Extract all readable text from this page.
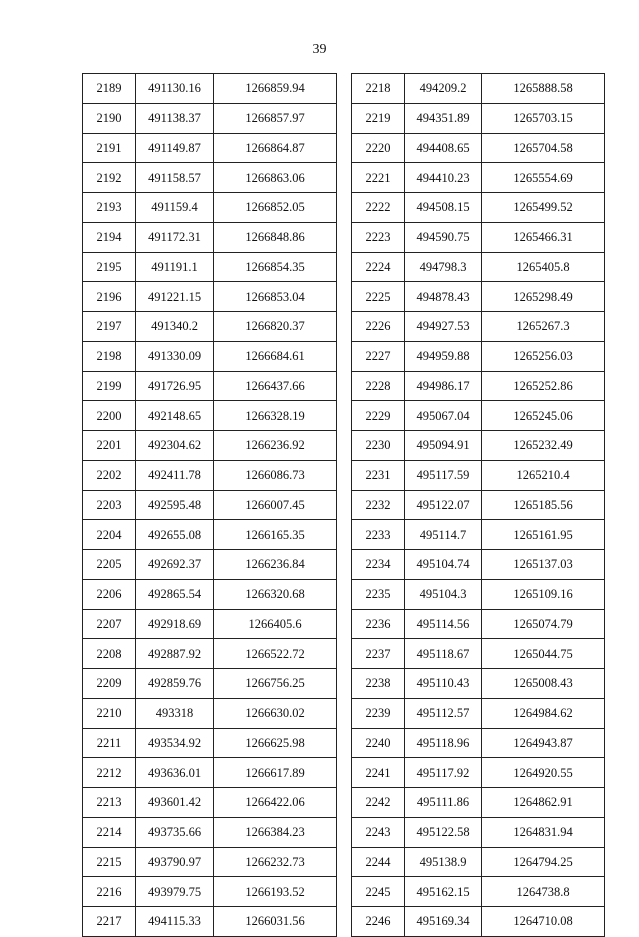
39
2189	491130.16	1266859.94
2190	491138.37	1266857.97
2191	491149.87	1266864.87
2192	491158.57	1266863.06
2193	491159.4	1266852.05
2194	491172.31	1266848.86
2195	491191.1	1266854.35
2196	491221.15	1266853.04
2197	491340.2	1266820.37
2198	491330.09	1266684.61
2199	491726.95	1266437.66
2200	492148.65	1266328.19
2201	492304.62	1266236.92
2202	492411.78	1266086.73
2203	492595.48	1266007.45
2204	492655.08	1266165.35
2205	492692.37	1266236.84
2206	492865.54	1266320.68
2207	492918.69	1266405.6
2208	492887.92	1266522.72
2209	492859.76	1266756.25
2210	493318	1266630.02
2211	493534.92	1266625.98
2212	493636.01	1266617.89
2213	493601.42	1266422.06
2214	493735.66	1266384.23
2215	493790.97	1266232.73
2216	493979.75	1266193.52
2217	494115.33	1266031.56
2218	494209.2	1265888.58
2219	494351.89	1265703.15
2220	494408.65	1265704.58
2221	494410.23	1265554.69
2222	494508.15	1265499.52
2223	494590.75	1265466.31
2224	494798.3	1265405.8
2225	494878.43	1265298.49
2226	494927.53	1265267.3
2227	494959.88	1265256.03
2228	494986.17	1265252.86
2229	495067.04	1265245.06
2230	495094.91	1265232.49
2231	495117.59	1265210.4
2232	495122.07	1265185.56
2233	495114.7	1265161.95
2234	495104.74	1265137.03
2235	495104.3	1265109.16
2236	495114.56	1265074.79
2237	495118.67	1265044.75
2238	495110.43	1265008.43
2239	495112.57	1264984.62
2240	495118.96	1264943.87
2241	495117.92	1264920.55
2242	495111.86	1264862.91
2243	495122.58	1264831.94
2244	495138.9	1264794.25
2245	495162.15	1264738.8
2246	495169.34	1264710.08
